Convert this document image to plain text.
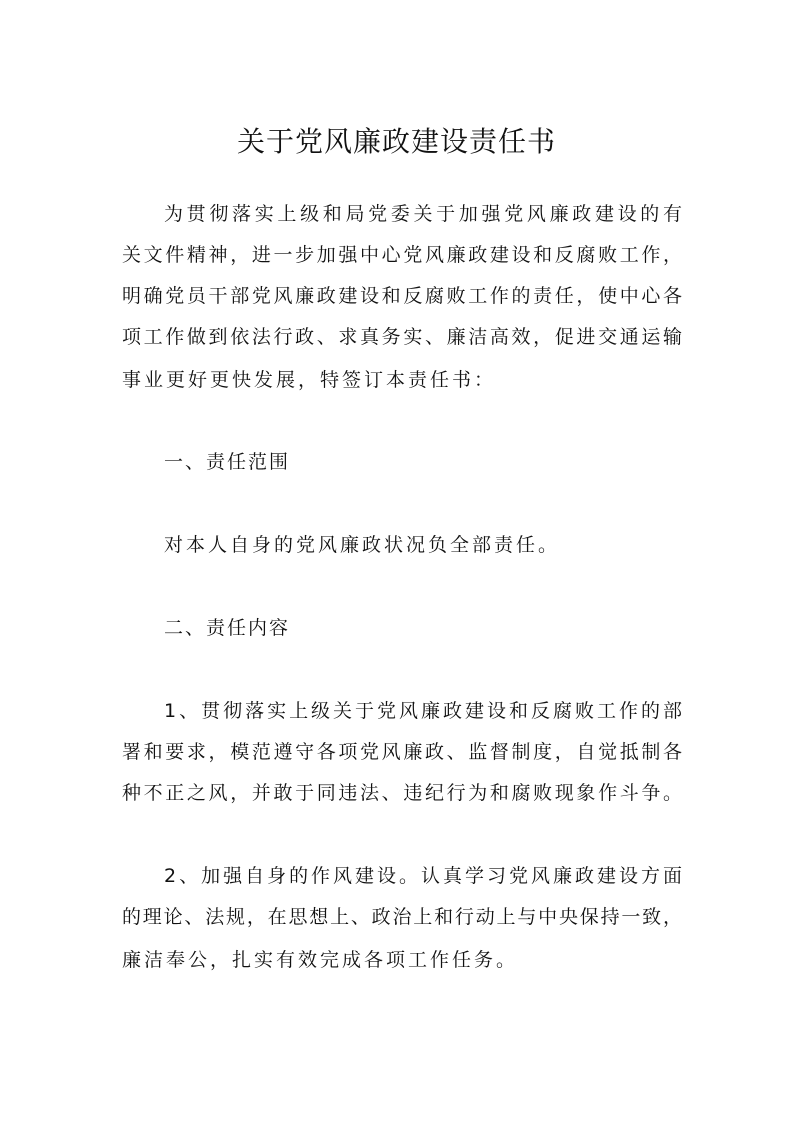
关于党风廉政建设责任书
为贯彻落实上级和局党委关于加强党风廉政建设的有
关文件精神，进一步加强中心党风廉政建设和反腐败工作，
明确党员干部党风廉政建设和反腐败工作的责任，使中心各
项工作做到依法行政、求真务实、廉洁高效，促进交通运输
事业更好更快发展，特签订本责任书：
一、责任范围
对本人自身的党风廉政状况负全部责任。
二、责任内容
1、贯彻落实上级关于党风廉政建设和反腐败工作的部
署和要求，模范遵守各项党风廉政、监督制度，自觉抵制各
种不正之风，并敢于同违法、违纪行为和腐败现象作斗争。
2、加强自身的作风建设。认真学习党风廉政建设方面
的理论、法规，在思想上、政治上和行动上与中央保持一致，
廉洁奉公，扎实有效完成各项工作任务。
